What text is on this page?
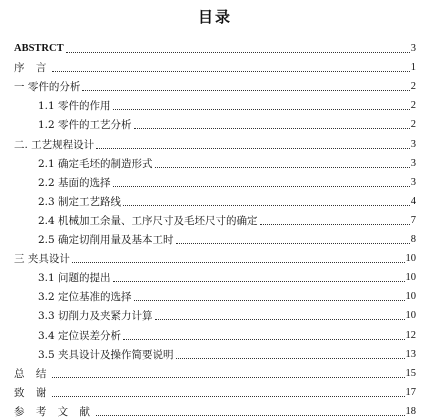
目录
ABSTRCT	3
序 言	1
一 零件的分析	2
1.1 零件的作用	2
1.2 零件的工艺分析	2
二. 工艺规程设计	3
2.1 确定毛坯的制造形式	3
2.2 基面的选择	3
2.3 制定工艺路线	4
2.4 机械加工余量、工序尺寸及毛坯尺寸的确定	7
2.5 确定切削用量及基本工时	8
三 夹具设计	10
3.1 问题的提出	10
3.2 定位基准的选择	10
3.3 切削力及夹紧力计算	10
3.4 定位误差分析	12
3.5 夹具设计及操作简要说明	13
总 结	15
致 谢	17
参 考 文 献	18
